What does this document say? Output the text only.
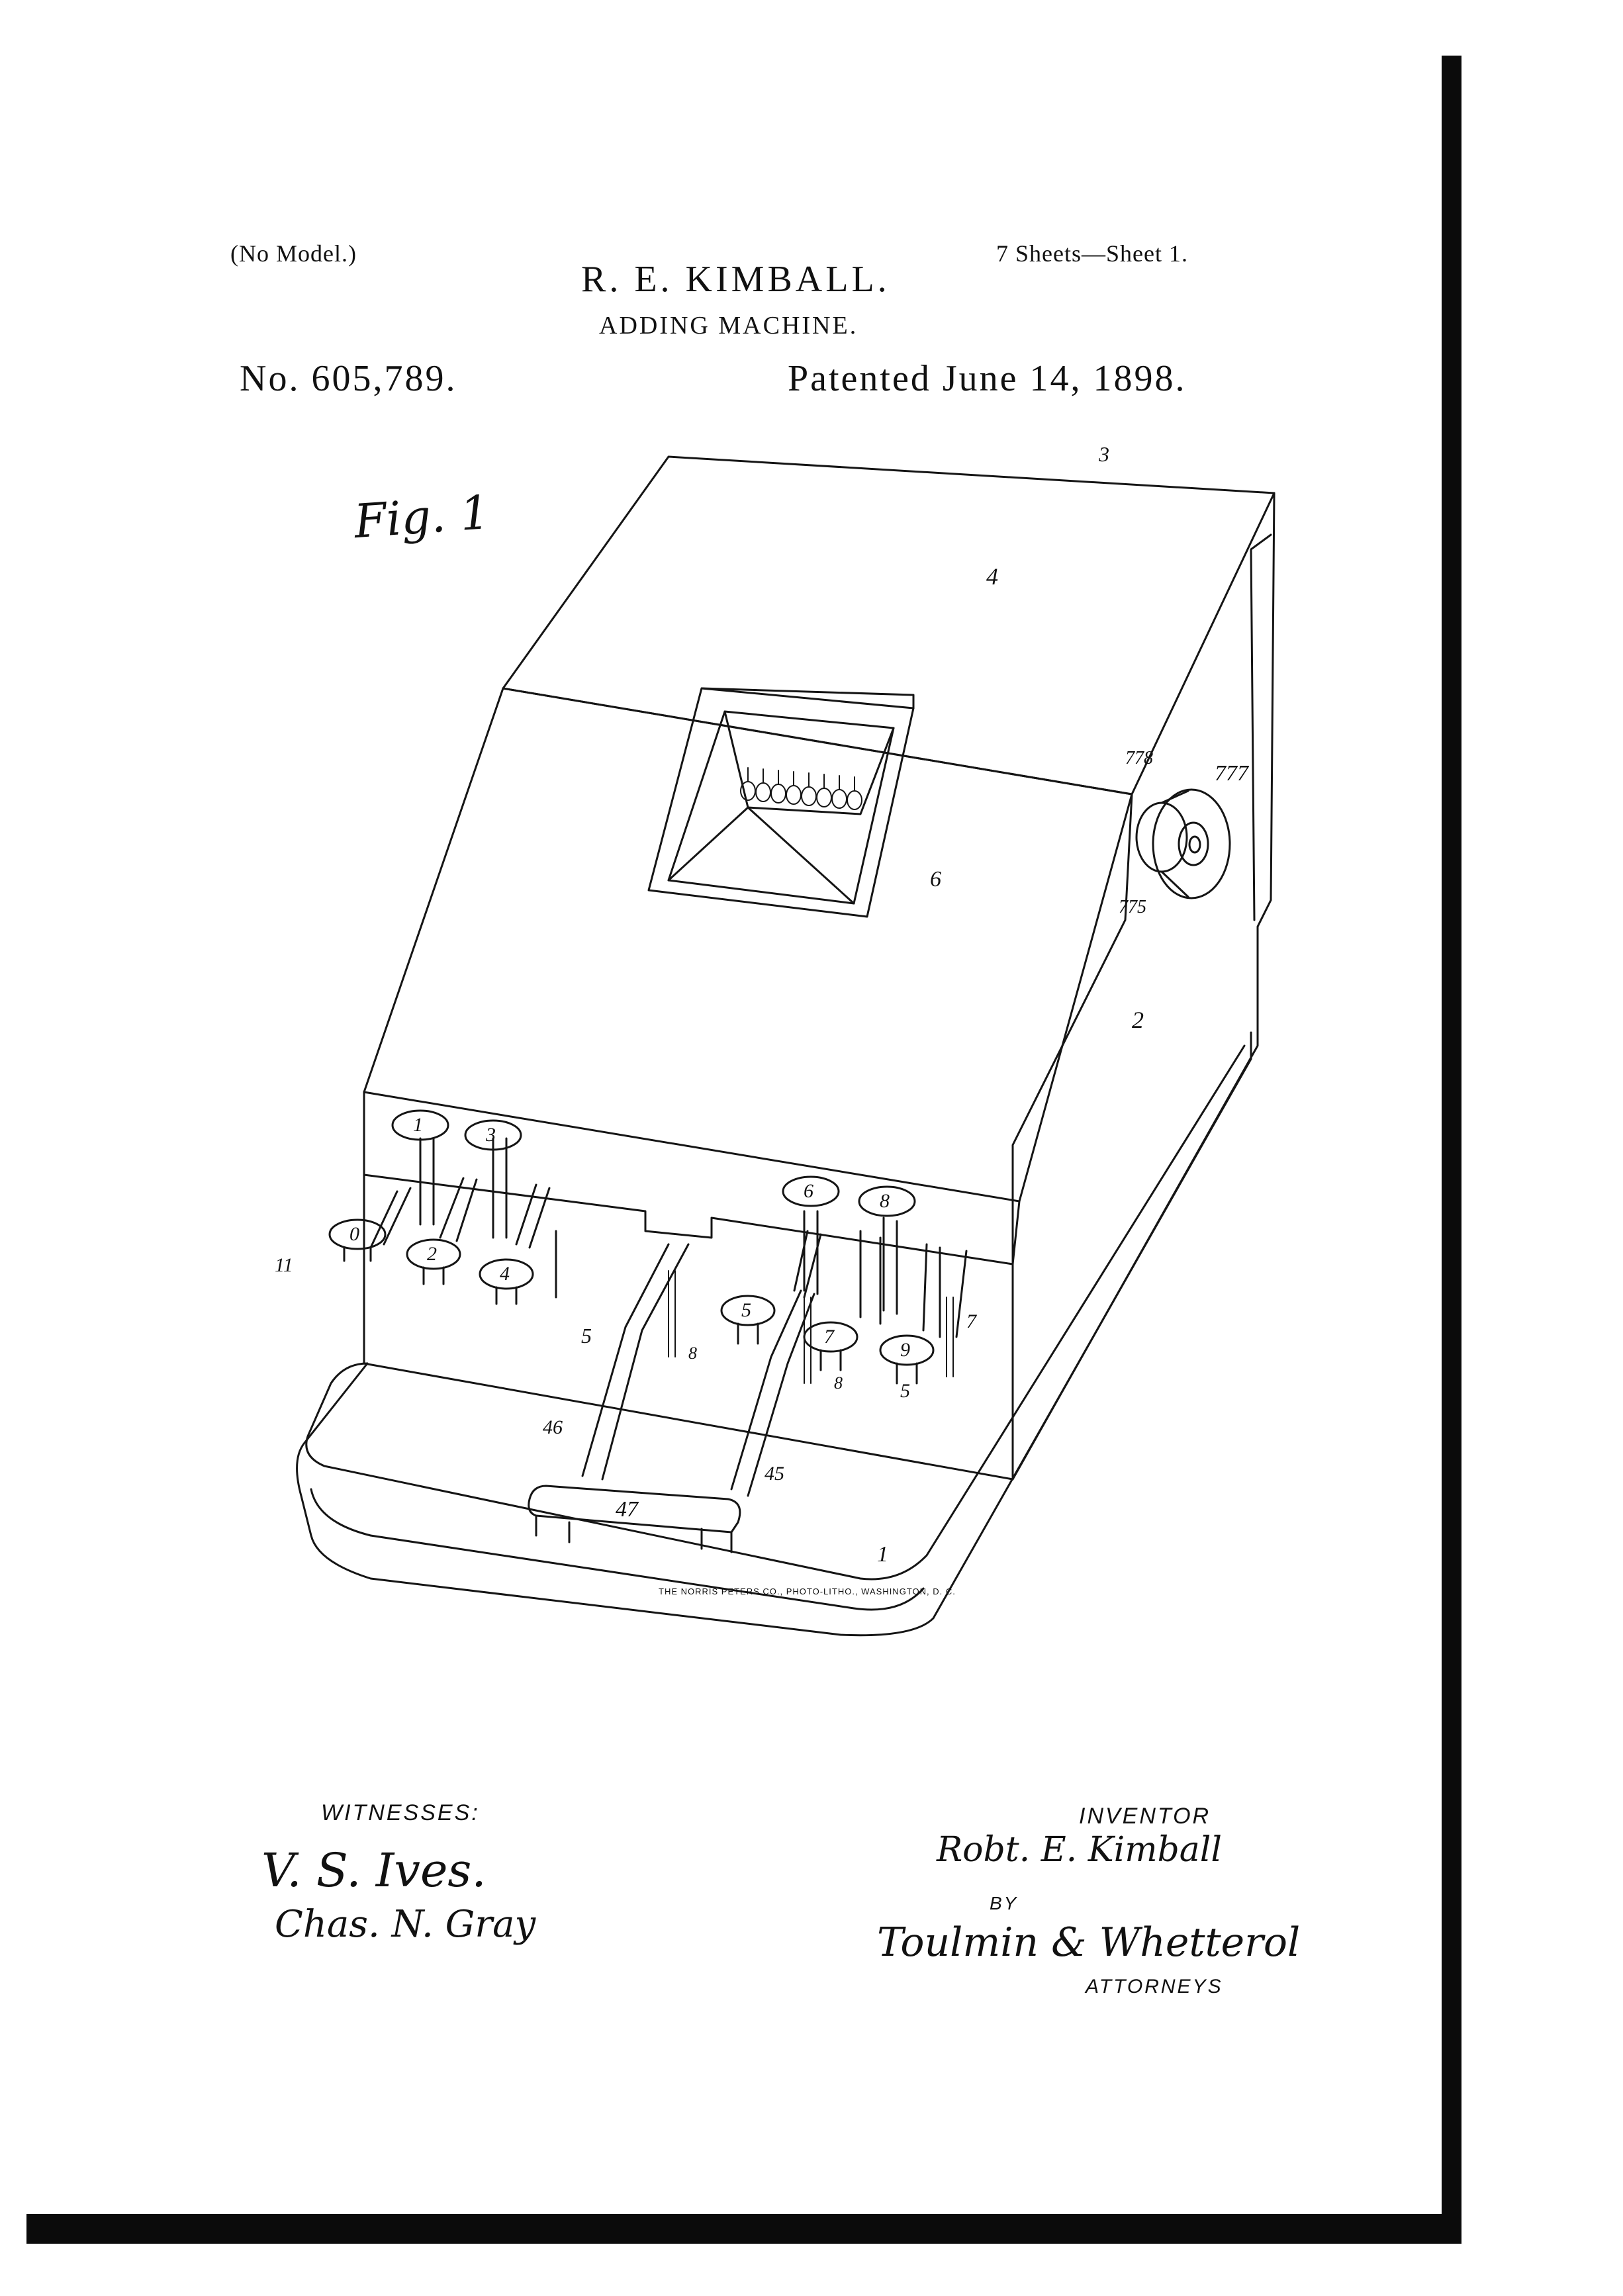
(No Model.)	7 Sheets—Sheet 1.
R. E. KIMBALL.
ADDING MACHINE.
No. 605,789.	Patented June 14, 1898.
Fig. 1
0
1
2
3
4
5
6
7
8
9
3
4
6
778
777
775
2
11
5
8
8
7
5
46
45
47
1
WITNESSES:
V. S. Ives.
Chas. N. Gray
INVENTOR
Robt. E. Kimball
BY
Toulmin & Whetterol
ATTORNEYS
THE NORRIS PETERS CO., PHOTO-LITHO., WASHINGTON, D. C.
